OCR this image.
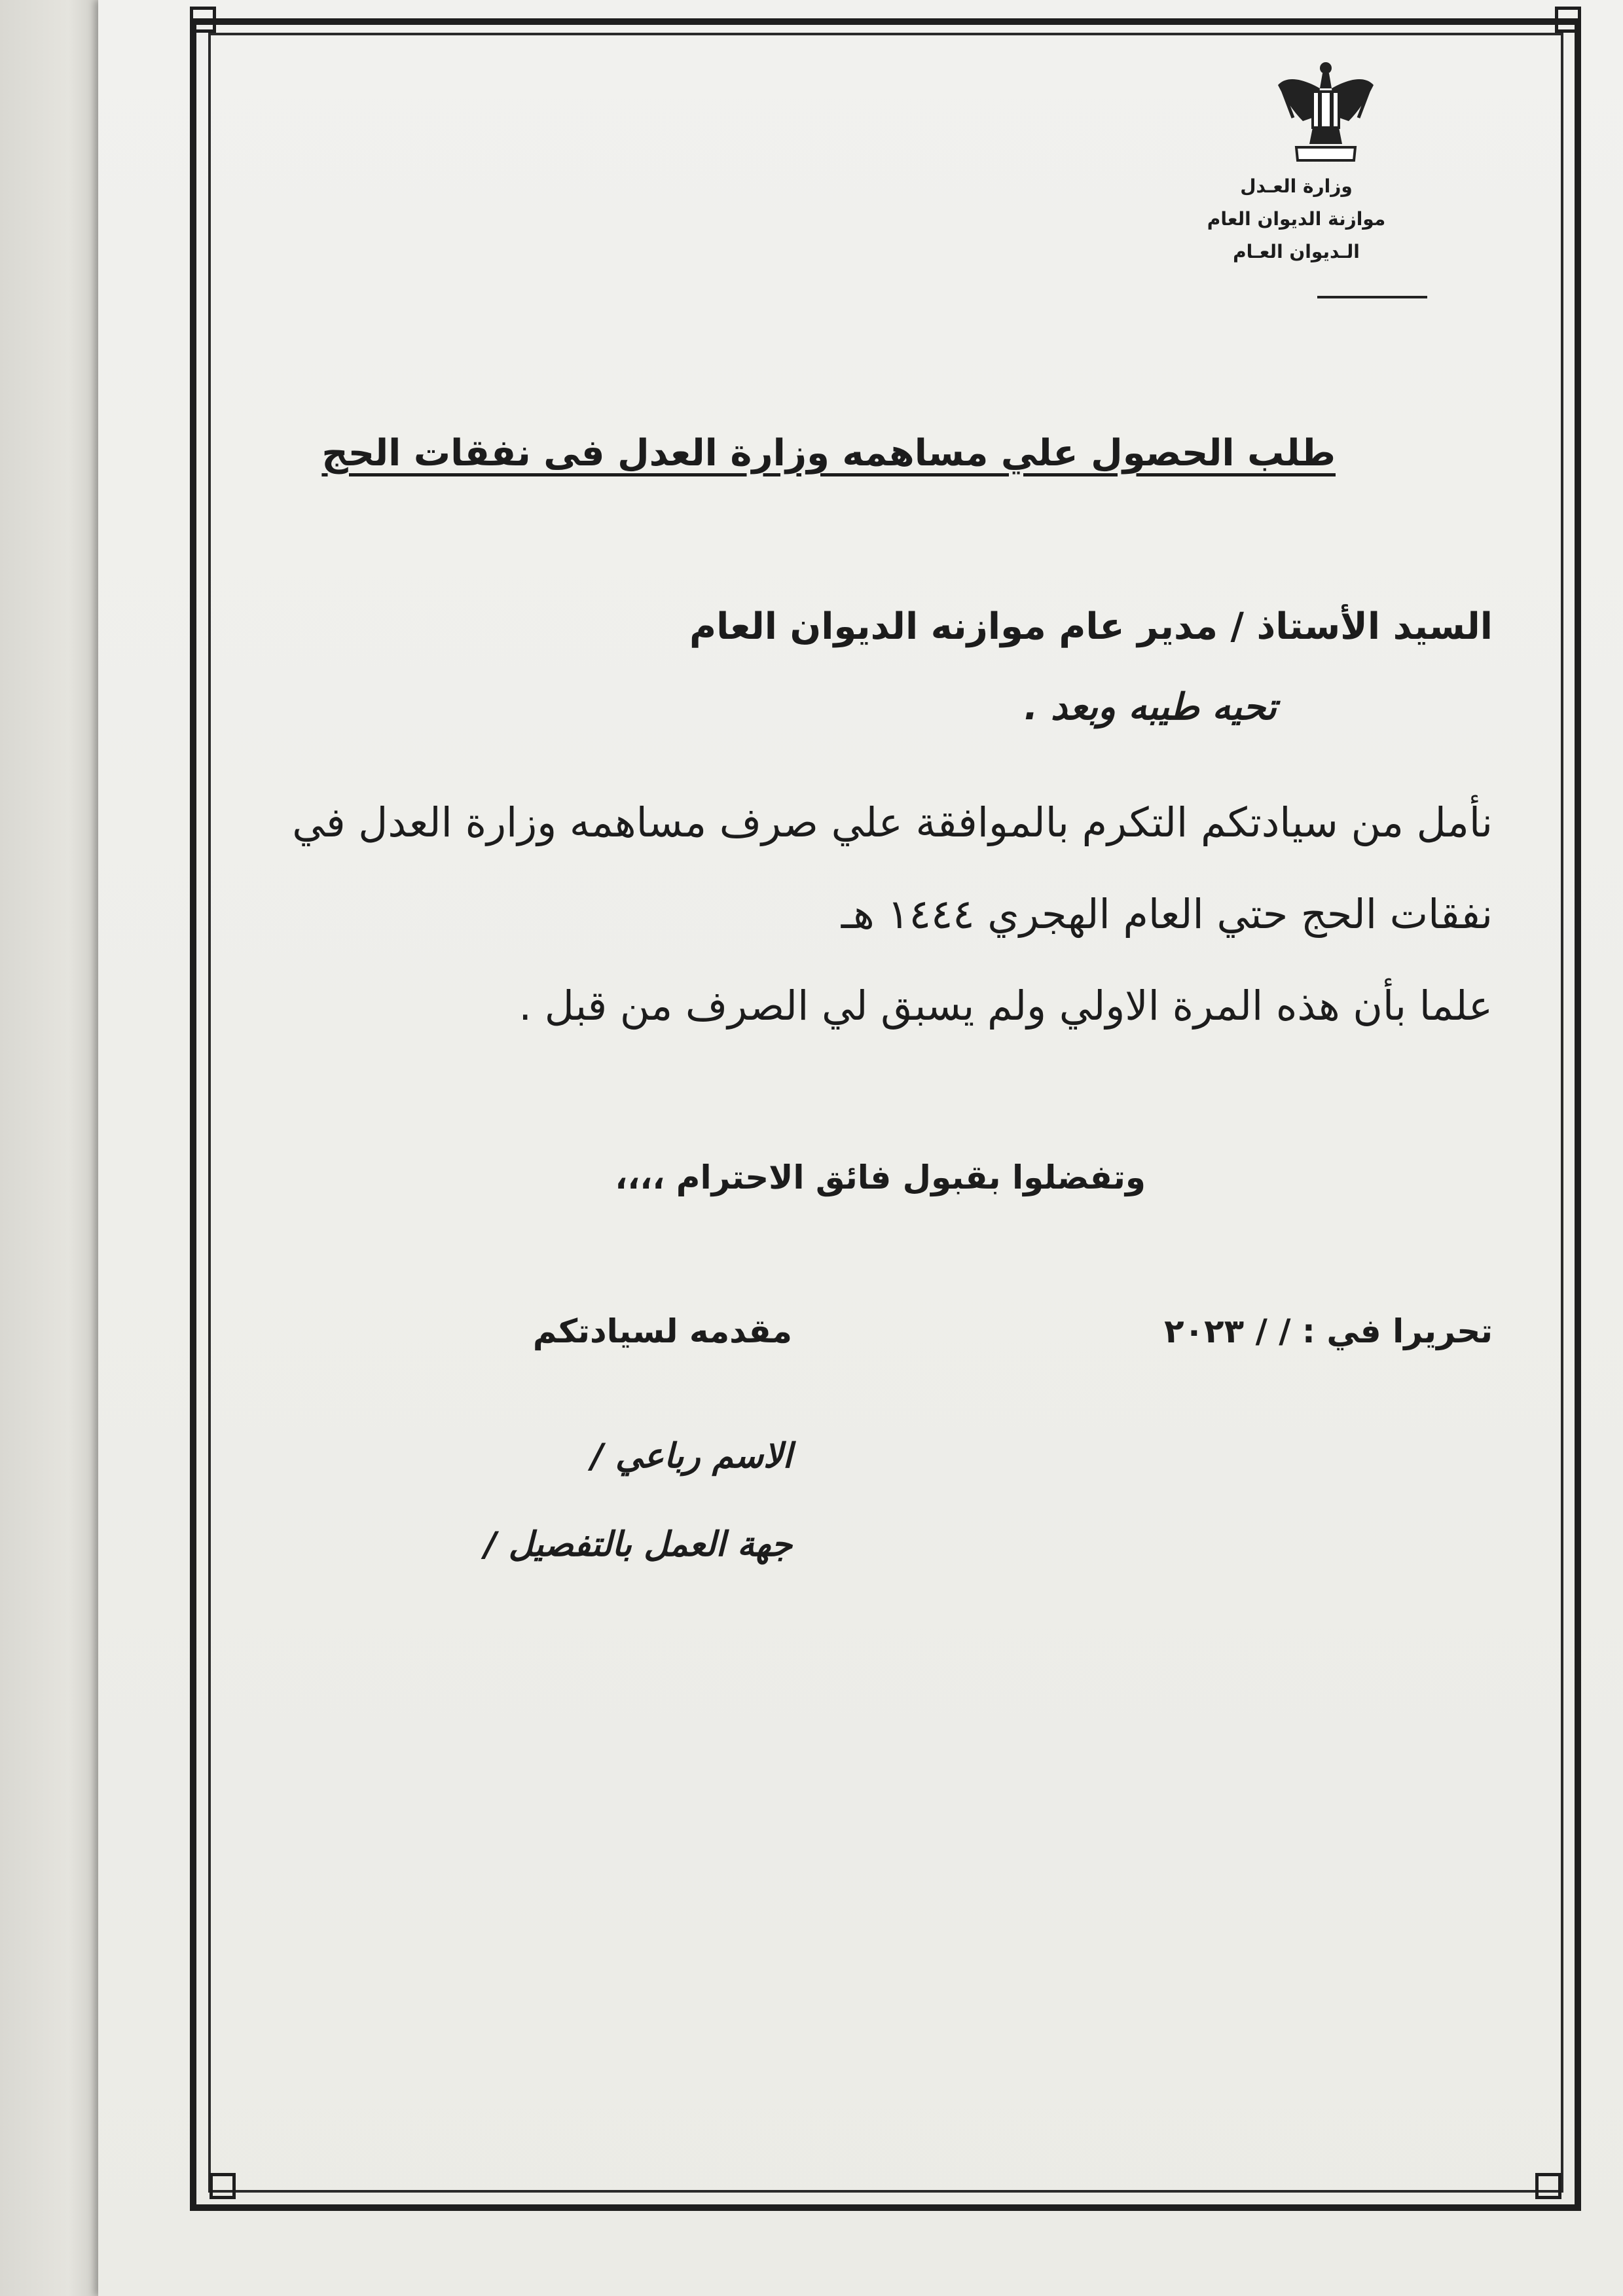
وزارة العـدل
موازنة الديوان العام
الـديوان العـام
طلب الحصول علي مساهمه وزارة العدل فى نفقات الحج
السيد الأستاذ / مدير عام موازنه الديوان العام
تحيه طيبه وبعد .
نأمل من سيادتكم التكرم بالموافقة علي صرف مساهمه وزارة العدل في
نفقات الحج حتي العام الهجري ١٤٤٤ هـ
علما بأن هذه المرة الاولي ولم يسبق لي الصرف من قبل .
وتفضلوا بقبول فائق الاحترام ،،،،
تحريرا في : / / ٢٠٢٣
مقدمه لسيادتكم
الاسم رباعي /
جهة العمل بالتفصيل /
